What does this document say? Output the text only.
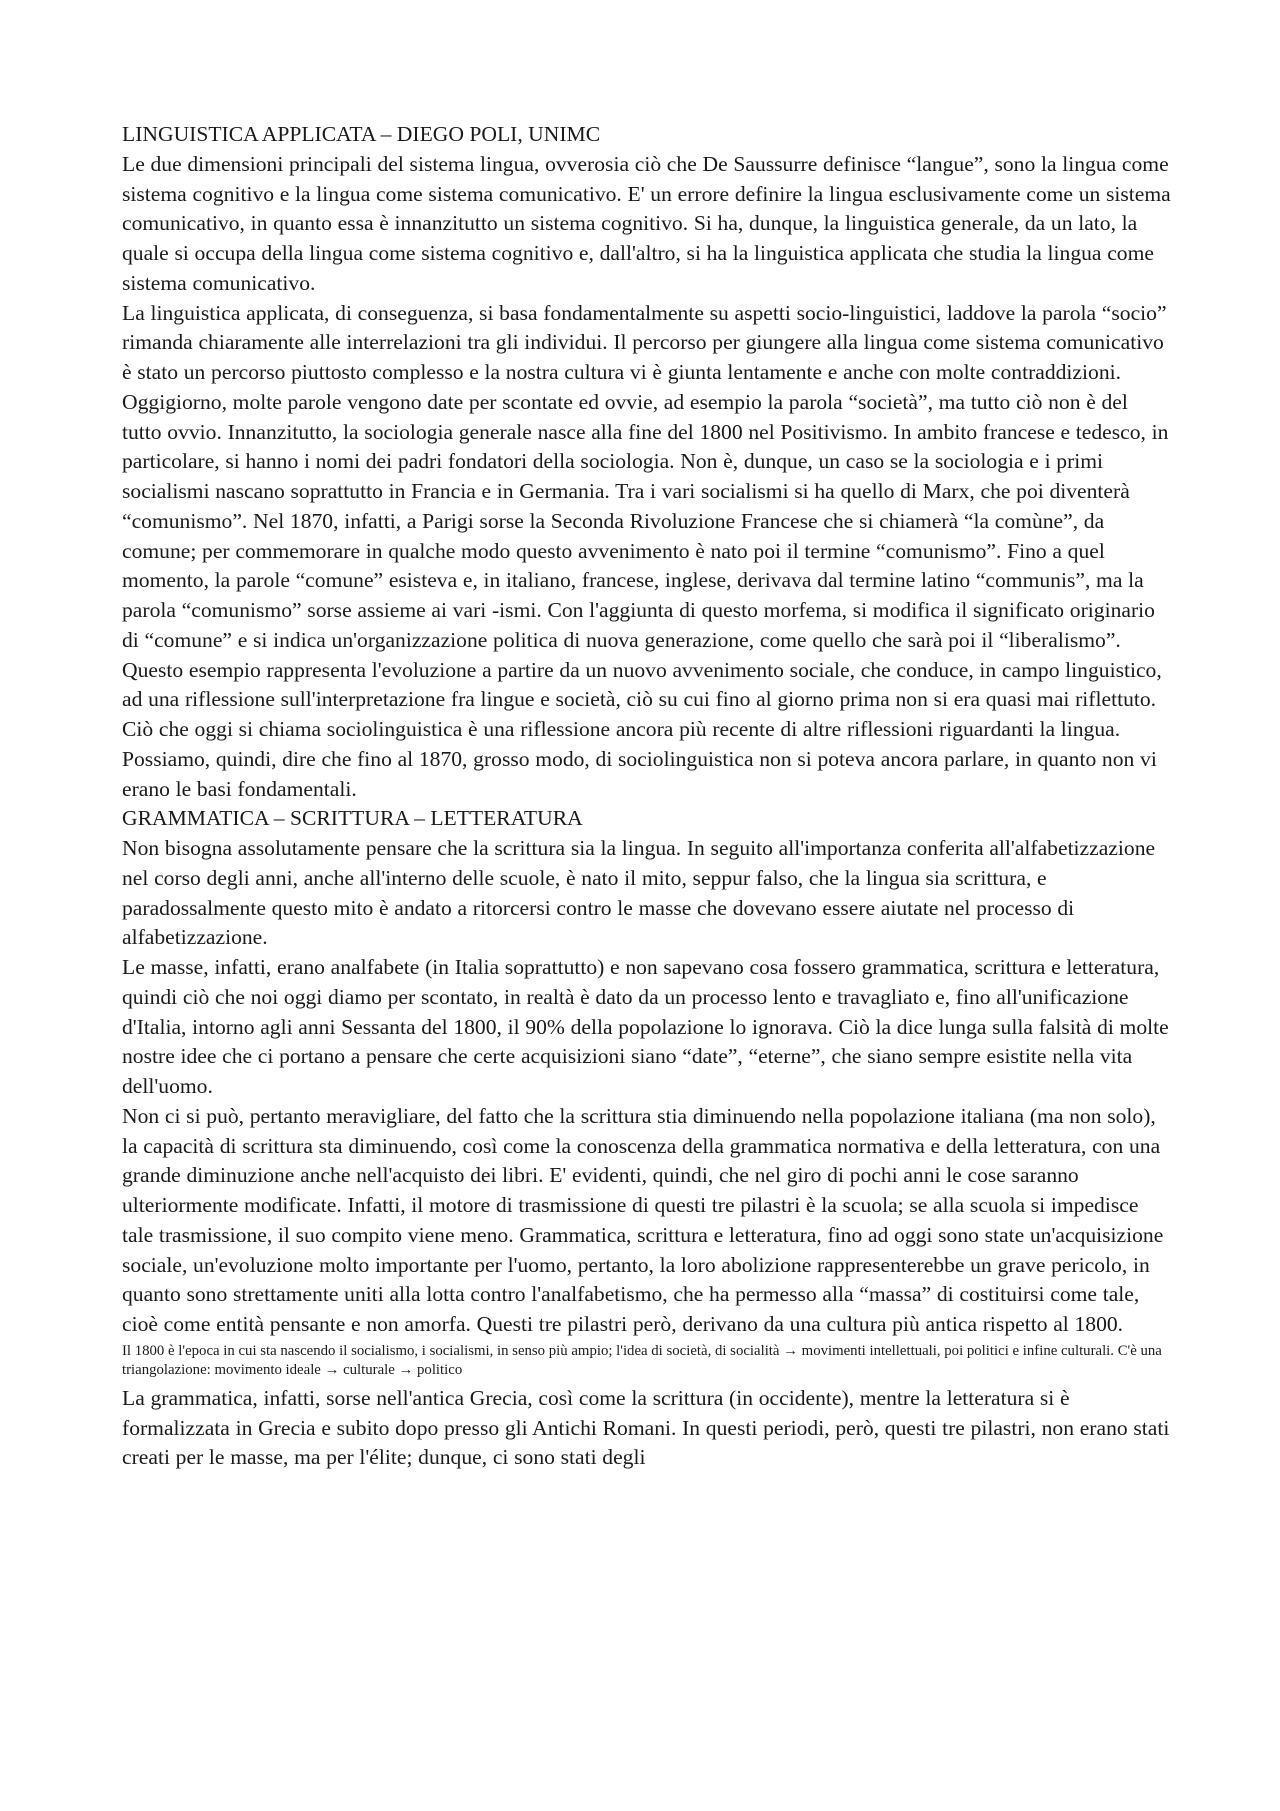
LINGUISTICA APPLICATA – DIEGO POLI, UNIMC

Le due dimensioni principali del sistema lingua, ovverosia ciò che De Saussurre definisce “langue”, sono la lingua come sistema cognitivo e la lingua come sistema comunicativo. E' un errore definire la lingua esclusivamente come un sistema comunicativo, in quanto essa è innanzitutto un sistema cognitivo. Si ha, dunque, la linguistica generale, da un lato, la quale si occupa della lingua come sistema cognitivo e, dall'altro, si ha la linguistica applicata che studia la lingua come sistema comunicativo.

La linguistica applicata, di conseguenza, si basa fondamentalmente su aspetti socio-linguistici, laddove la parola “socio” rimanda chiaramente alle interrelazioni tra gli individui. Il percorso per giungere alla lingua come sistema comunicativo è stato un percorso piuttosto complesso e la nostra cultura vi è giunta lentamente e anche con molte contraddizioni.

Oggigiorno, molte parole vengono date per scontate ed ovvie, ad esempio la parola “società”, ma tutto ciò non è del tutto ovvio. Innanzitutto, la sociologia generale nasce alla fine del 1800 nel Positivismo. In ambito francese e tedesco, in particolare, si hanno i nomi dei padri fondatori della sociologia. Non è, dunque, un caso se la sociologia e i primi socialismi nascano soprattutto in Francia e in Germania. Tra i vari socialismi si ha quello di Marx, che poi diventerà “comunismo”. Nel 1870, infatti, a Parigi sorse la Seconda Rivoluzione Francese che si chiamerà “la comùne”, da comune; per commemorare in qualche modo questo avvenimento è nato poi il termine “comunismo”. Fino a quel momento, la parole “comune” esisteva e, in italiano, francese, inglese, derivava dal termine latino “communis”, ma la parola “comunismo” sorse assieme ai vari -ismi. Con l'aggiunta di questo morfema, si modifica il significato originario di “comune” e si indica un'organizzazione politica di nuova generazione, come quello che sarà poi il “liberalismo”.

Questo esempio rappresenta l'evoluzione a partire da un nuovo avvenimento sociale, che conduce, in campo linguistico, ad una riflessione sull'interpretazione fra lingue e società, ciò su cui fino al giorno prima non si era quasi mai riflettuto. Ciò che oggi si chiama sociolinguistica è una riflessione ancora più recente di altre riflessioni riguardanti la lingua. Possiamo, quindi, dire che fino al 1870, grosso modo, di sociolinguistica non si poteva ancora parlare, in quanto non vi erano le basi fondamentali.

GRAMMATICA – SCRITTURA – LETTERATURA

Non bisogna assolutamente pensare che la scrittura sia la lingua. In seguito all'importanza conferita all'alfabetizzazione nel corso degli anni, anche all'interno delle scuole, è nato il mito, seppur falso, che la lingua sia scrittura, e paradossalmente questo mito è andato a ritorcersi contro le masse che dovevano essere aiutate nel processo di alfabetizzazione.

Le masse, infatti, erano analfabete (in Italia soprattutto) e non sapevano cosa fossero grammatica, scrittura e letteratura, quindi ciò che noi oggi diamo per scontato, in realtà è dato da un processo lento e travagliato e, fino all'unificazione d'Italia, intorno agli anni Sessanta del 1800, il 90% della popolazione lo ignorava. Ciò la dice lunga sulla falsità di molte nostre idee che ci portano a pensare che certe acquisizioni siano “date”, “eterne”, che siano sempre esistite nella vita dell'uomo.

Non ci si può, pertanto meravigliare, del fatto che la scrittura stia diminuendo nella popolazione italiana (ma non solo), la capacità di scrittura sta diminuendo, così come la conoscenza della grammatica normativa e della letteratura, con una grande diminuzione anche nell'acquisto dei libri. E' evidenti, quindi, che nel giro di pochi anni le cose saranno ulteriormente modificate. Infatti, il motore di trasmissione di questi tre pilastri è la scuola; se alla scuola si impedisce tale trasmissione, il suo compito viene meno. Grammatica, scrittura e letteratura, fino ad oggi sono state un'acquisizione sociale, un'evoluzione molto importante per l'uomo, pertanto, la loro abolizione rappresenterebbe un grave pericolo, in quanto sono strettamente uniti alla lotta contro l'analfabetismo, che ha permesso alla “massa” di costituirsi come tale, cioè come entità pensante e non amorfa. Questi tre pilastri però, derivano da una cultura più antica rispetto al 1800.

Il 1800 è l'epoca in cui sta nascendo il socialismo, i socialismi, in senso più ampio; l'idea di società, di socialità → movimenti intellettuali, poi politici e infine culturali. C'è una triangolazione: movimento ideale → culturale → politico

La grammatica, infatti, sorse nell'antica Grecia, così come la scrittura (in occidente), mentre la letteratura si è formalizzata in Grecia e subito dopo presso gli Antichi Romani. In questi periodi, però, questi tre pilastri, non erano stati creati per le masse, ma per l'élite; dunque, ci sono stati degli
